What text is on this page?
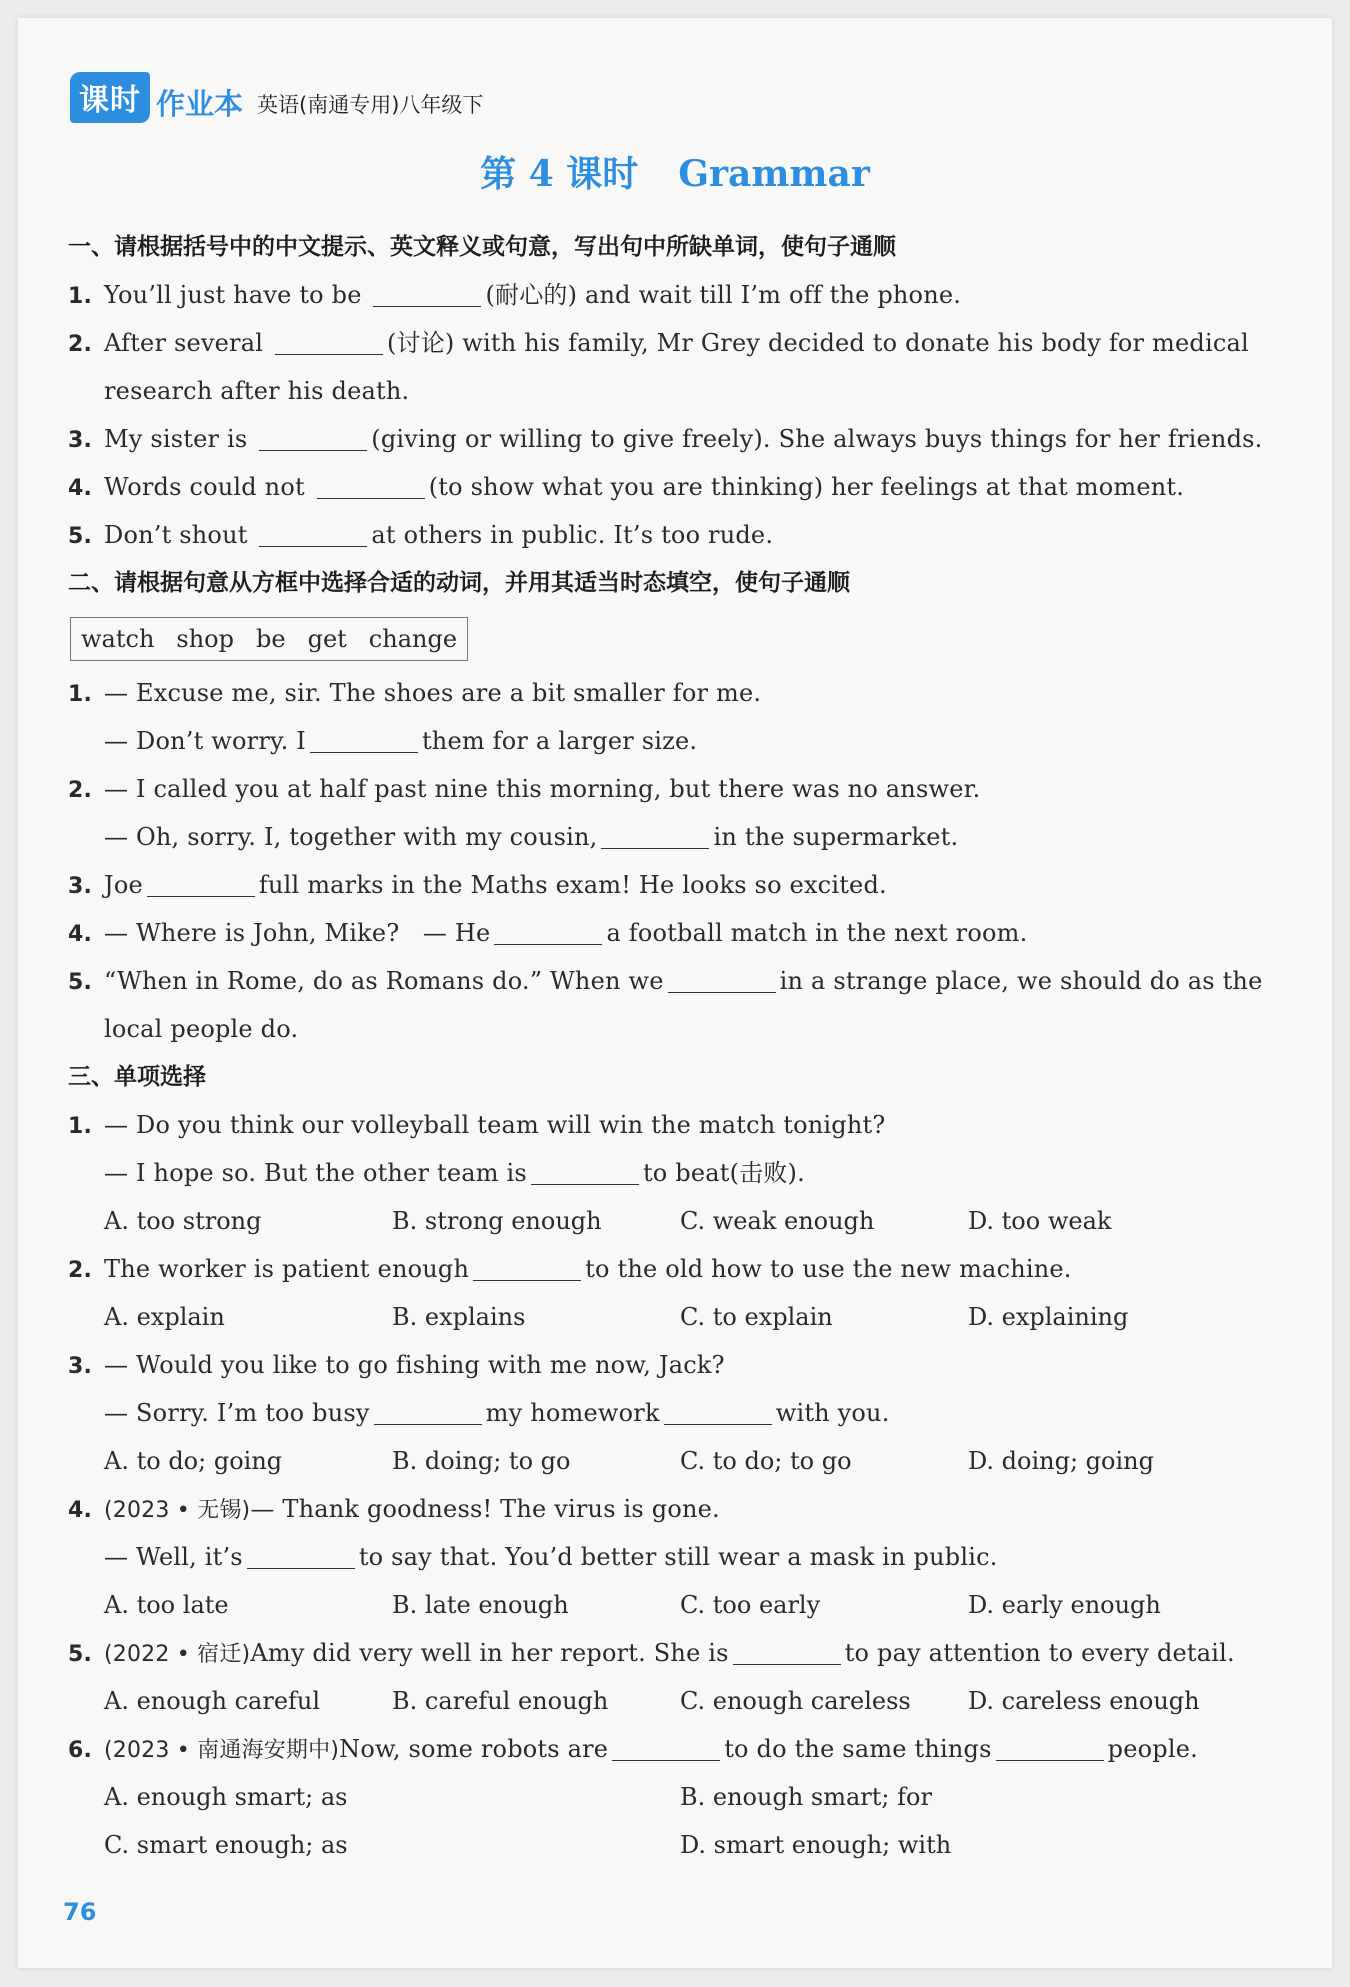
课时 作业本 英语(南通专用)八年级下
第 4 课时 Grammar
一、请根据括号中的中文提示、英文释义或句意，写出句中所缺单词，使句子通顺
1. You’ll just have to be	(耐心的) and wait till I’m off the phone.
2. After several	(讨论) with his family, Mr Grey decided to donate his body for medical
research after his death.
3. My sister is	(giving or willing to give freely). She always buys things for her friends.
4. Words could not	(to show what you are thinking) her feelings at that moment.
5. Don’t shout	at others in public. It’s too rude.
二、请根据句意从方框中选择合适的动词，并用其适当时态填空，使句子通顺
watch shop be get change
1. — Excuse me, sir. The shoes are a bit smaller for me.
— Don’t worry. I	them for a larger size.
2. — I called you at half past nine this morning, but there was no answer.
— Oh, sorry. I, together with my cousin,	in the supermarket.
3. Joe	full marks in the Maths exam! He looks so excited.
4. — Where is John, Mike?   — He	a football match in the next room.
5. “When in Rome, do as Romans do.” When we	in a strange place, we should do as the
local people do.
三、单项选择
1. — Do you think our volleyball team will win the match tonight?
— I hope so. But the other team is	to beat(击败).
A. too strong	B. strong enough	C. weak enough	D. too weak
2. The worker is patient enough	to the old how to use the new machine.
A. explain	B. explains	C. to explain	D. explaining
3. — Would you like to go fishing with me now, Jack?
— Sorry. I’m too busy	my homework	with you.
A. to do; going	B. doing; to go	C. to do; to go	D. doing; going
4. (2023 • 无锡)— Thank goodness! The virus is gone.
— Well, it’s	to say that. You’d better still wear a mask in public.
A. too late	B. late enough	C. too early	D. early enough
5. (2022 • 宿迁)Amy did very well in her report. She is	to pay attention to every detail.
A. enough careful	B. careful enough	C. enough careless	D. careless enough
6. (2023 • 南通海安期中)Now, some robots are	to do the same things	people.
A. enough smart; as	B. enough smart; for
C. smart enough; as	D. smart enough; with
76
